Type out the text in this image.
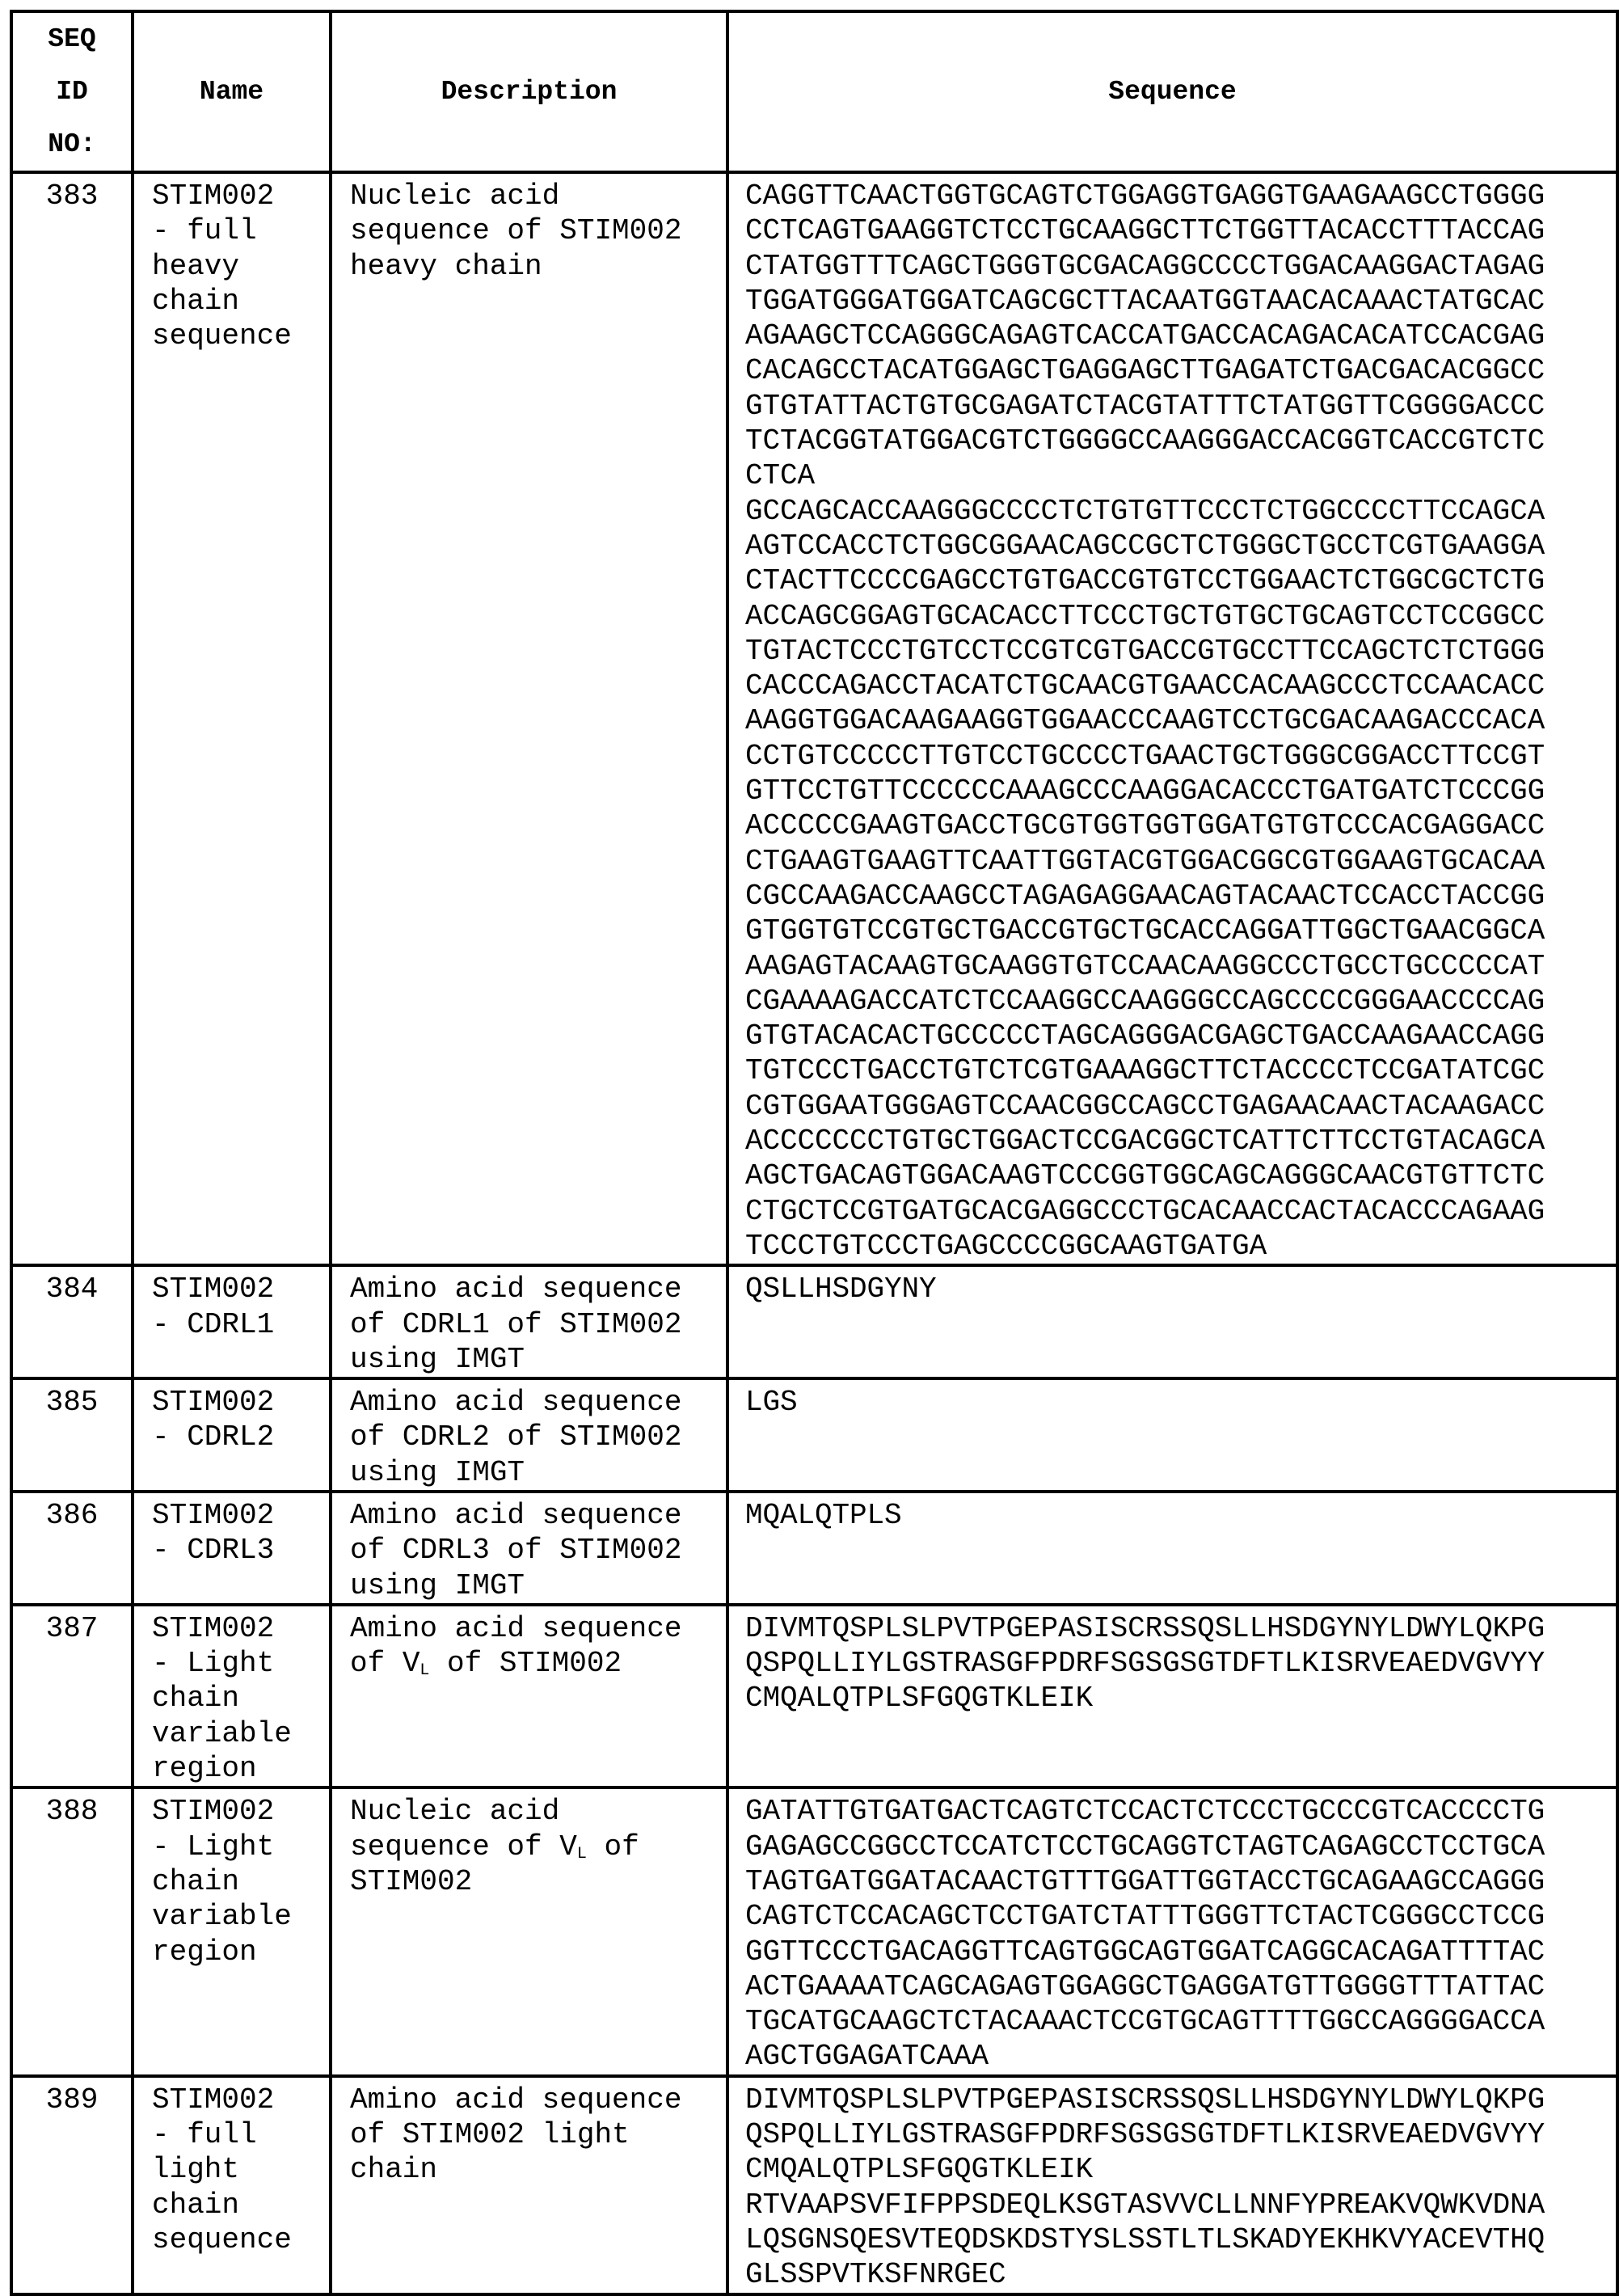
SEQ
ID
NO:
	Name	Description	Sequence
383	STIM002
- full
heavy
chain
sequence

Nucleic acid
sequence of STIM002
heavy chain

CAGGTTCAACTGGTGCAGTCTGGAGGTGAGGTGAAGAAGCCTGGGG
CCTCAGTGAAGGTCTCCTGCAAGGCTTCTGGTTACACCTTTACCAG
CTATGGTTTCAGCTGGGTGCGACAGGCCCCTGGACAAGGACTAGAG
TGGATGGGATGGATCAGCGCTTACAATGGTAACACAAACTATGCAC
AGAAGCTCCAGGGCAGAGTCACCATGACCACAGACACATCCACGAG
CACAGCCTACATGGAGCTGAGGAGCTTGAGATCTGACGACACGGCC
GTGTATTACTGTGCGAGATCTACGTATTTCTATGGTTCGGGGACCC
TCTACGGTATGGACGTCTGGGGCCAAGGGACCACGGTCACCGTCTC
CTCA
GCCAGCACCAAGGGCCCCTCTGTGTTCCCTCTGGCCCCTTCCAGCA
AGTCCACCTCTGGCGGAACAGCCGCTCTGGGCTGCCTCGTGAAGGA
CTACTTCCCCGAGCCTGTGACCGTGTCCTGGAACTCTGGCGCTCTG
ACCAGCGGAGTGCACACCTTCCCTGCTGTGCTGCAGTCCTCCGGCC
TGTACTCCCTGTCCTCCGTCGTGACCGTGCCTTCCAGCTCTCTGGG
CACCCAGACCTACATCTGCAACGTGAACCACAAGCCCTCCAACACC
AAGGTGGACAAGAAGGTGGAACCCAAGTCCTGCGACAAGACCCACA
CCTGTCCCCCTTGTCCTGCCCCTGAACTGCTGGGCGGACCTTCCGT
GTTCCTGTTCCCCCCAAAGCCCAAGGACACCCTGATGATCTCCCGG
ACCCCCGAAGTGACCTGCGTGGTGGTGGATGTGTCCCACGAGGACC
CTGAAGTGAAGTTCAATTGGTACGTGGACGGCGTGGAAGTGCACAA
CGCCAAGACCAAGCCTAGAGAGGAACAGTACAACTCCACCTACCGG
GTGGTGTCCGTGCTGACCGTGCTGCACCAGGATTGGCTGAACGGCA
AAGAGTACAAGTGCAAGGTGTCCAACAAGGCCCTGCCTGCCCCCAT
CGAAAAGACCATCTCCAAGGCCAAGGGCCAGCCCCGGGAACCCCAG
GTGTACACACTGCCCCCTAGCAGGGACGAGCTGACCAAGAACCAGG
TGTCCCTGACCTGTCTCGTGAAAGGCTTCTACCCCTCCGATATCGC
CGTGGAATGGGAGTCCAACGGCCAGCCTGAGAACAACTACAAGACC
ACCCCCCCTGTGCTGGACTCCGACGGCTCATTCTTCCTGTACAGCA
AGCTGACAGTGGACAAGTCCCGGTGGCAGCAGGGCAACGTGTTCTC
CTGCTCCGTGATGCACGAGGCCCTGCACAACCACTACACCCAGAAG
TCCCTGTCCCTGAGCCCCGGCAAGTGATGA

384	STIM002
- CDRL1

Amino acid sequence
of CDRL1 of STIM002
using IMGT

QSLLHSDGYNY

385	STIM002
- CDRL2

Amino acid sequence
of CDRL2 of STIM002
using IMGT

LGS

386	STIM002
- CDRL3

Amino acid sequence
of CDRL3 of STIM002
using IMGT

MQALQTPLS

387	STIM002
- Light
chain
variable
region

Amino acid sequence
of VL of STIM002

DIVMTQSPLSLPVTPGEPASISCRSSQSLLHSDGYNYLDWYLQKPG
QSPQLLIYLGSTRASGFPDRFSGSGSGTDFTLKISRVEAEDVGVYY
CMQALQTPLSFGQGTKLEIK

388	STIM002
- Light
chain
variable
region

Nucleic acid
sequence of VL of
STIM002

GATATTGTGATGACTCAGTCTCCACTCTCCCTGCCCGTCACCCCTG
GAGAGCCGGCCTCCATCTCCTGCAGGTCTAGTCAGAGCCTCCTGCA
TAGTGATGGATACAACTGTTTGGATTGGTACCTGCAGAAGCCAGGG
CAGTCTCCACAGCTCCTGATCTATTTGGGTTCTACTCGGGCCTCCG
GGTTCCCTGACAGGTTCAGTGGCAGTGGATCAGGCACAGATTTTAC
ACTGAAAATCAGCAGAGTGGAGGCTGAGGATGTTGGGGTTTATTAC
TGCATGCAAGCTCTACAAACTCCGTGCAGTTTTGGCCAGGGGACCA
AGCTGGAGATCAAA

389	STIM002
- full
light
chain
sequence

Amino acid sequence
of STIM002 light
chain

DIVMTQSPLSLPVTPGEPASISCRSSQSLLHSDGYNYLDWYLQKPG
QSPQLLIYLGSTRASGFPDRFSGSGSGTDFTLKISRVEAEDVGVYY
CMQALQTPLSFGQGTKLEIK
RTVAAPSVFIFPPSDEQLKSGTASVVCLLNNFYPREAKVQWKVDNA
LQSGNSQESVTEQDSKDSTYSLSSTLTLSKADYEKHKVYACEVTHQ
GLSSPVTKSFNRGEC
